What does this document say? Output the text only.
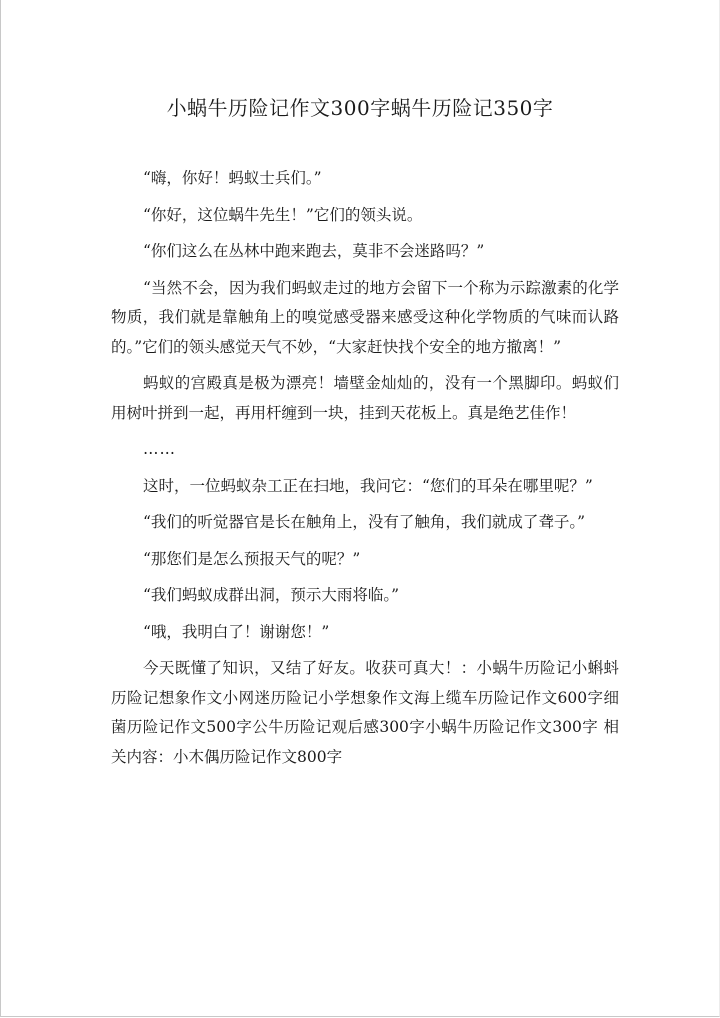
小蜗牛历险记作文300字蜗牛历险记350字

“嗨，你好！蚂蚁士兵们。”

“你好，这位蜗牛先生！”它们的领头说。

“你们这么在丛林中跑来跑去，莫非不会迷路吗？”

“当然不会，因为我们蚂蚁走过的地方会留下一个称为示踪激素的化学物质，我们就是靠触角上的嗅觉感受器来感受这种化学物质的气味而认路的。”它们的领头感觉天气不妙，“大家赶快找个安全的地方撤离！”

蚂蚁的宫殿真是极为漂亮！墙壁金灿灿的，没有一个黑脚印。蚂蚁们用树叶拼到一起，再用杆缠到一块，挂到天花板上。真是绝艺佳作！

……

这时，一位蚂蚁杂工正在扫地，我问它：“您们的耳朵在哪里呢？”

“我们的听觉器官是长在触角上，没有了触角，我们就成了聋子。”

“那您们是怎么预报天气的呢？”

“我们蚂蚁成群出洞，预示大雨将临。”

“哦，我明白了！谢谢您！”

今天既懂了知识，又结了好友。收获可真大！：小蜗牛历险记小蝌蚪历险记想象作文小网迷历险记小学想象作文海上缆车历险记作文600字细菌历险记作文500字公牛历险记观后感300字小蜗牛历险记作文300字 相关内容：小木偶历险记作文800字
